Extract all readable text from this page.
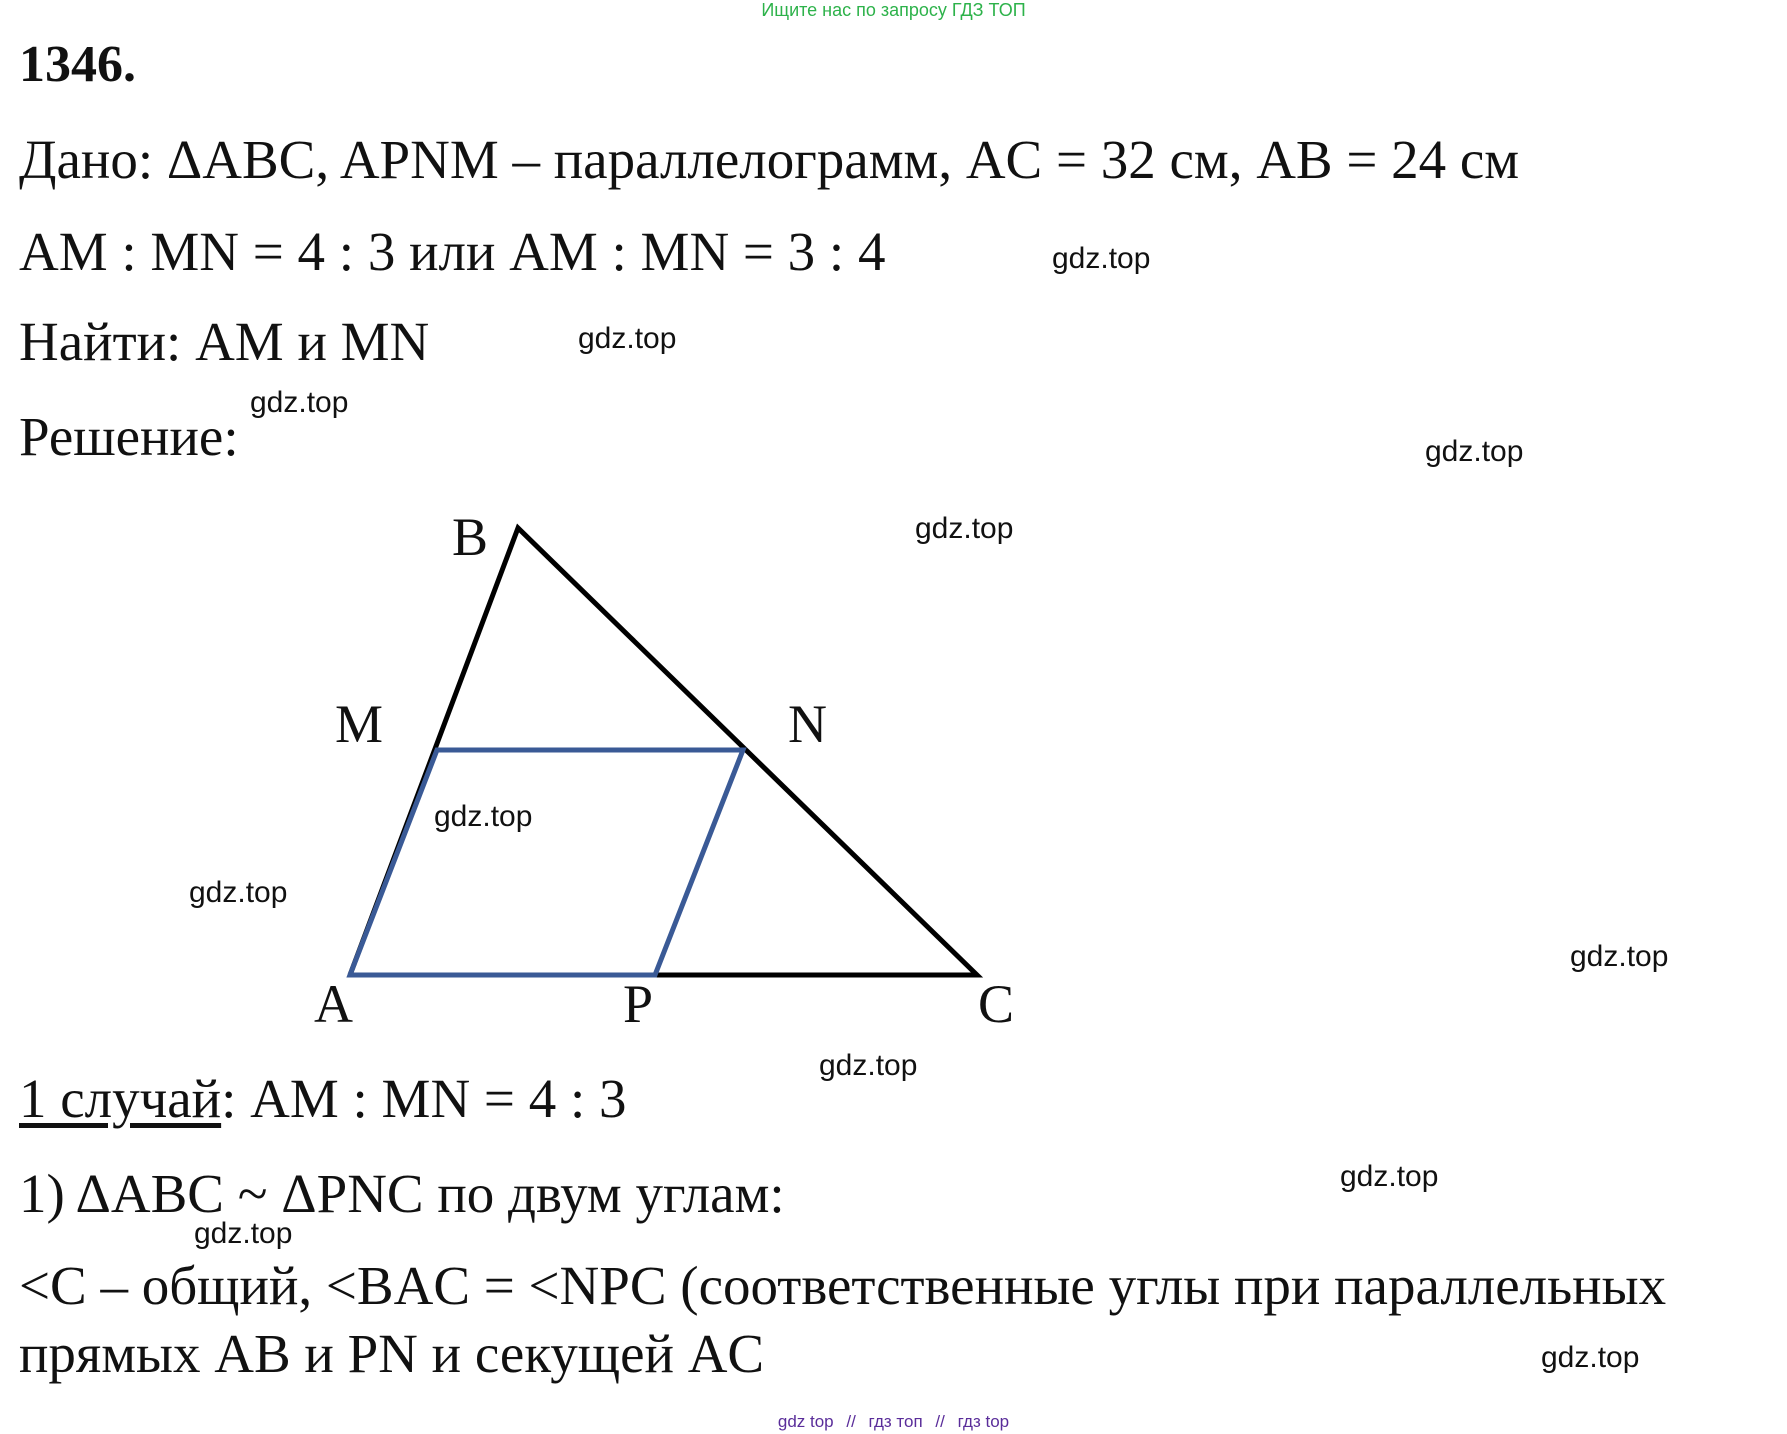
Ищите нас по запросу ГДЗ ТОП
1346.
Дано: ΔABC, APNM – параллелограмм, AC = 32 см, AB = 24 см
AM : MN = 4 : 3 или AM : MN = 3 : 4
Найти: AM и MN
Решение:
B
M	N
A	P	C
1 случай: AM : MN = 4 : 3
1) ΔABC ~ ΔPNC по двум углам:
<C – общий, <BAC = <NPC (соответственные углы при параллельных
прямых AB и PN и секущей AC
gdz.top
gdz.top
gdz.top
gdz.top
gdz.top
gdz.top
gdz.top
gdz.top
gdz.top
gdz.top
gdz.top
gdz.top
gdz top // гдз топ // гдз top
